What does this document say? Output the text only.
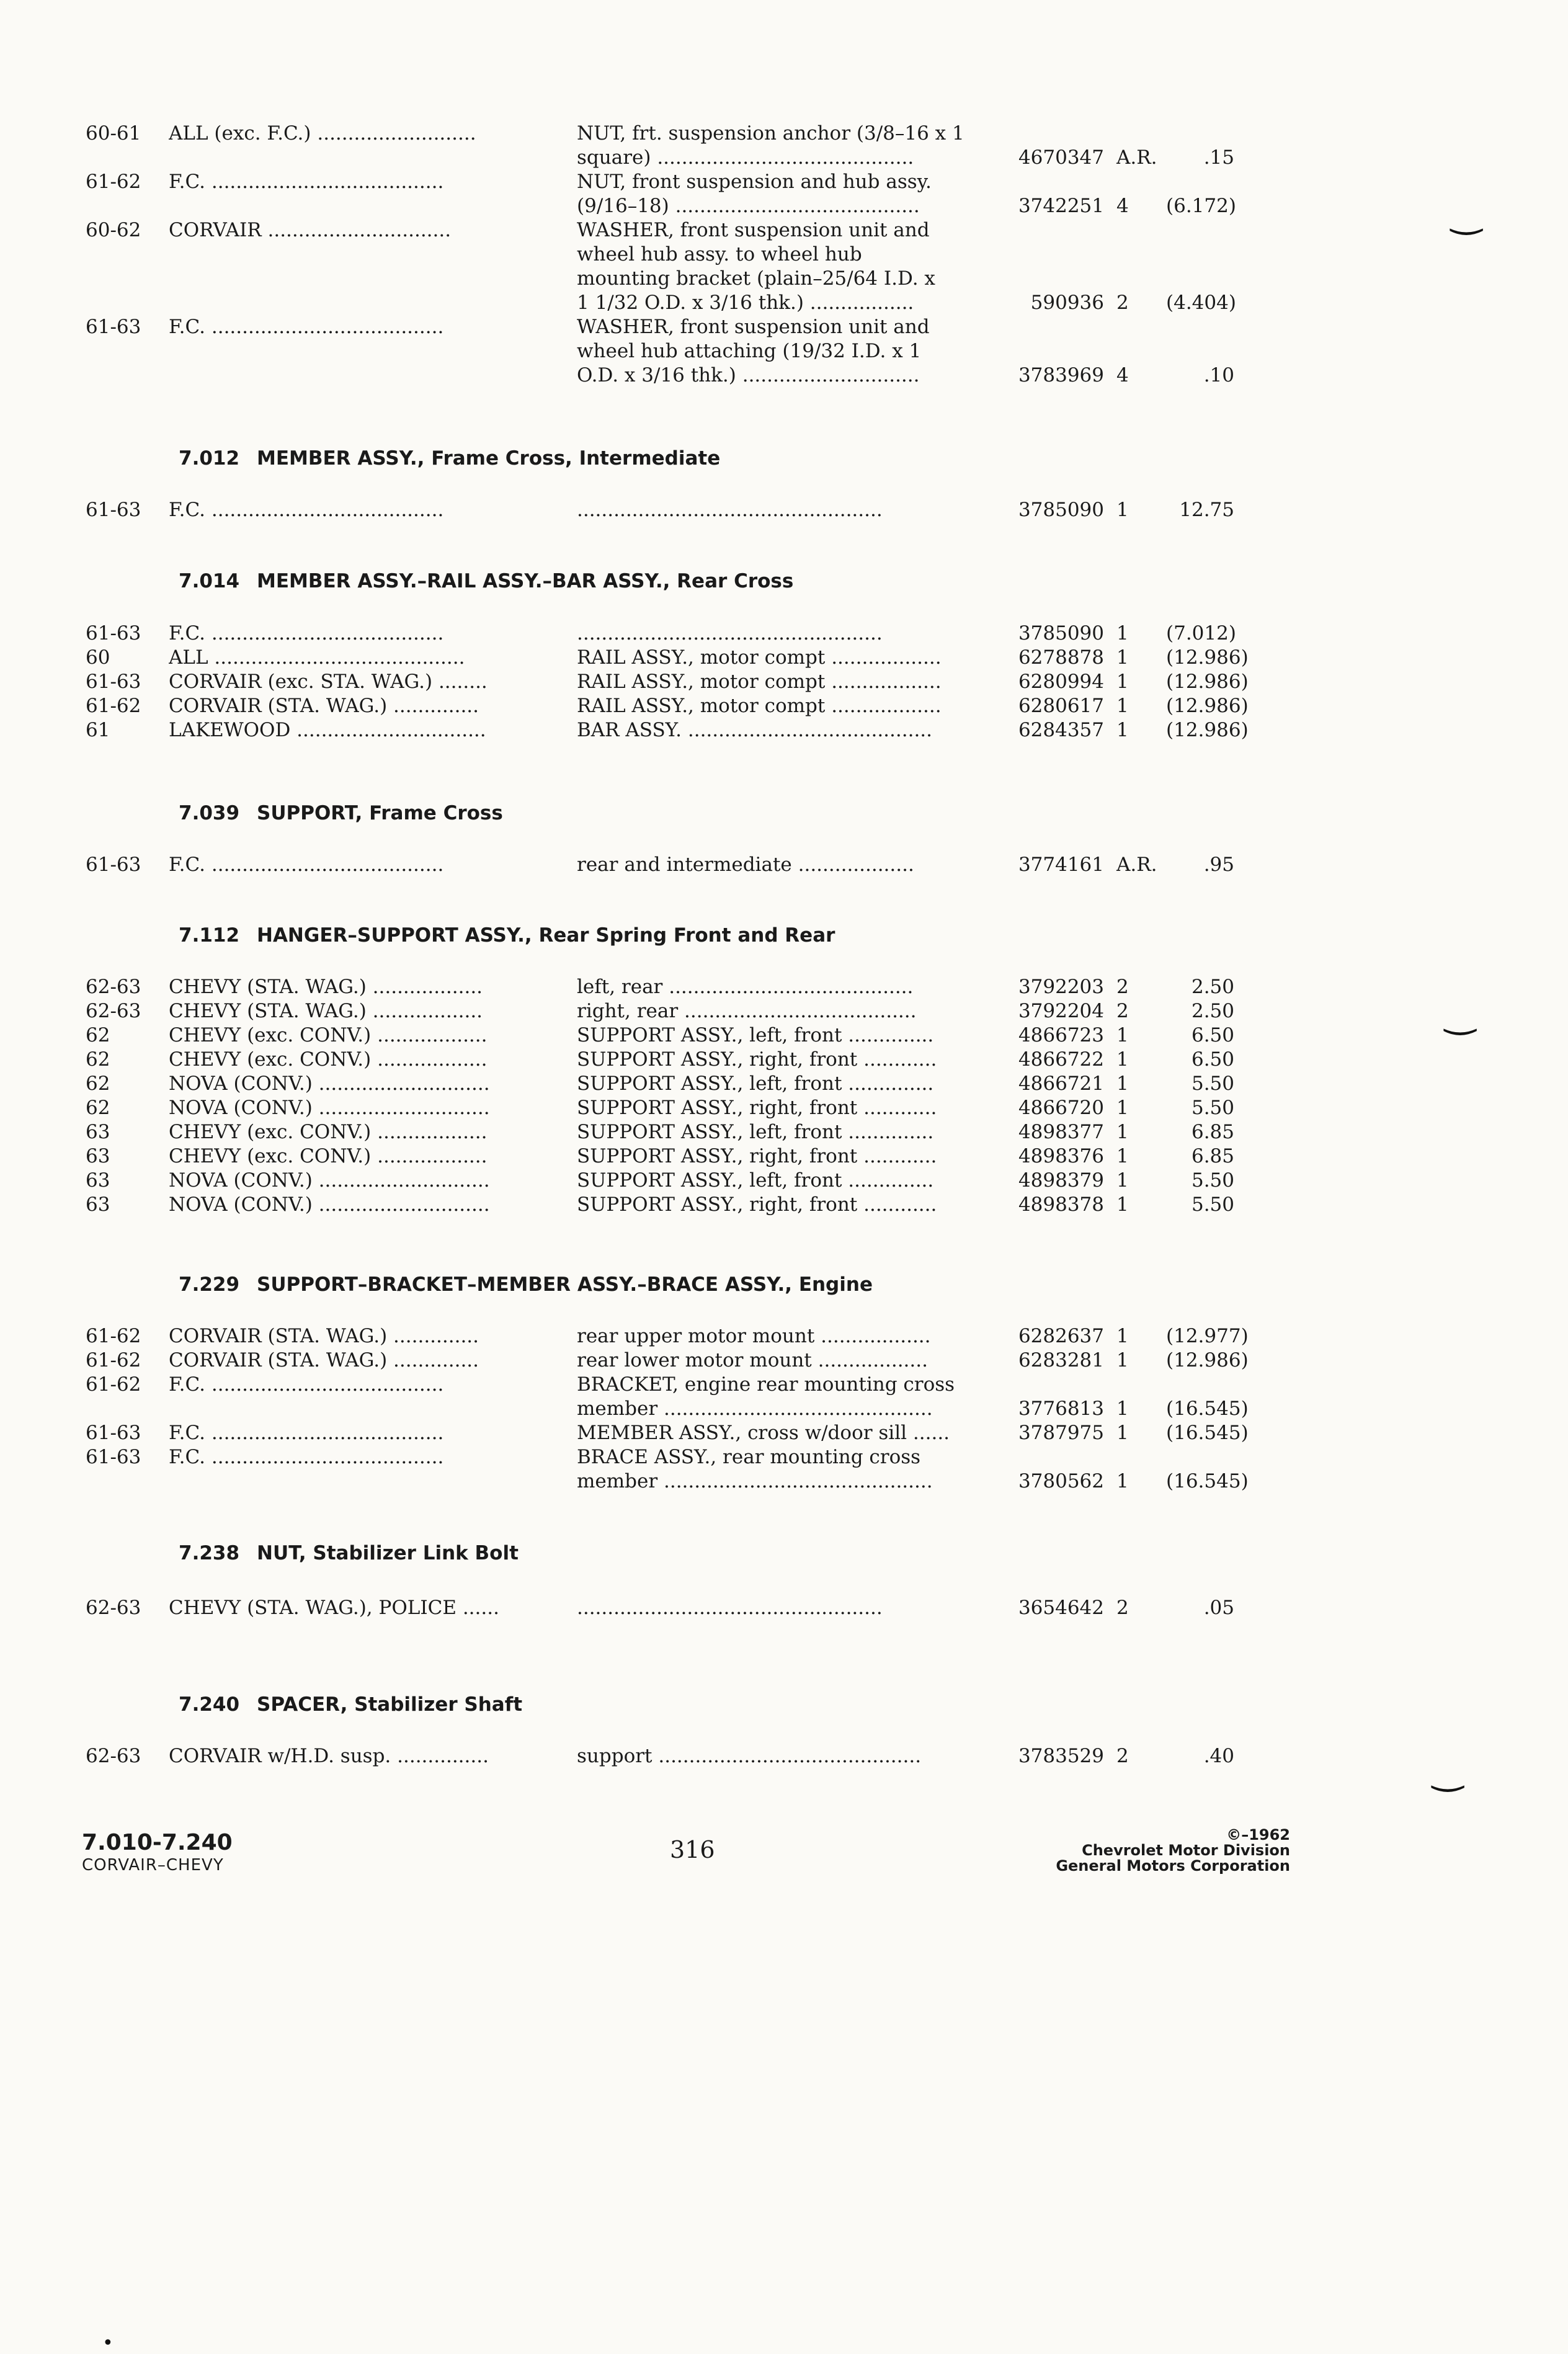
60-61 ALL (exc. F.C.) ..........................	NUT, frt. suspension anchor (3/8–16 x 1
square) ..........................................	4670347 A.R.	.15
61-62 F.C. ......................................	NUT, front suspension and hub assy.
(9/16–18) ........................................	3742251 4	(6.172)
60-62 CORVAIR ..............................	WASHER, front suspension unit and
wheel hub assy. to wheel hub
mounting bracket (plain–25/64 I.D. x
1 1/32 O.D. x 3/16 thk.) .................	590936 2	(4.404)
61-63 F.C. ......................................	WASHER, front suspension unit and
wheel hub attaching (19/32 I.D. x 1
O.D. x 3/16 thk.) .............................	3783969 4	.10
61-63 F.C. ......................................	..................................................	3785090 1	12.75
61-63 F.C. ......................................	..................................................	3785090 1	(7.012)
60	ALL .........................................	RAIL ASSY., motor compt ..................	6278878 1	(12.986)
61-63 CORVAIR (exc. STA. WAG.) ........	RAIL ASSY., motor compt ..................	6280994 1	(12.986)
61-62 CORVAIR (STA. WAG.) ..............	RAIL ASSY., motor compt ..................	6280617 1	(12.986)
61	LAKEWOOD ...............................	BAR ASSY. ........................................	6284357 1	(12.986)
61-63 F.C. ......................................	rear and intermediate ...................	3774161 A.R.	.95
62-63 CHEVY (STA. WAG.) ..................	left, rear ........................................	3792203 2	2.50
62-63 CHEVY (STA. WAG.) ..................	right, rear ......................................	3792204 2	2.50
62	CHEVY (exc. CONV.) ..................	SUPPORT ASSY., left, front ..............	4866723 1	6.50
62	CHEVY (exc. CONV.) ..................	SUPPORT ASSY., right, front ............	4866722 1	6.50
62	NOVA (CONV.) ............................	SUPPORT ASSY., left, front ..............	4866721 1	5.50
62	NOVA (CONV.) ............................	SUPPORT ASSY., right, front ............	4866720 1	5.50
63	CHEVY (exc. CONV.) ..................	SUPPORT ASSY., left, front ..............	4898377 1	6.85
63	CHEVY (exc. CONV.) ..................	SUPPORT ASSY., right, front ............	4898376 1	6.85
63	NOVA (CONV.) ............................	SUPPORT ASSY., left, front ..............	4898379 1	5.50
63	NOVA (CONV.) ............................	SUPPORT ASSY., right, front ............	4898378 1	5.50
61-62 CORVAIR (STA. WAG.) ..............	rear upper motor mount ..................	6282637 1	(12.977)
61-62 CORVAIR (STA. WAG.) ..............	rear lower motor mount ..................	6283281 1	(12.986)
61-62 F.C. ......................................	BRACKET, engine rear mounting cross
member ............................................	3776813 1	(16.545)
61-63 F.C. ......................................	MEMBER ASSY., cross w/door sill ......	3787975 1	(16.545)
61-63 F.C. ......................................	BRACE ASSY., rear mounting cross
member ............................................	3780562 1	(16.545)
62-63 CHEVY (STA. WAG.), POLICE ......	..................................................	3654642 2	.05
62-63 CORVAIR w/H.D. susp. ...............	support ...........................................	3783529 2	.40
7.012 MEMBER ASSY., Frame Cross, Intermediate
7.014 MEMBER ASSY.–RAIL ASSY.–BAR ASSY., Rear Cross
7.039 SUPPORT, Frame Cross
7.112 HANGER–SUPPORT ASSY., Rear Spring Front and Rear
7.229 SUPPORT–BRACKET–MEMBER ASSY.–BRACE ASSY., Engine
7.238 NUT, Stabilizer Link Bolt
7.240 SPACER, Stabilizer Shaft
7.010-7.240
CORVAIR–CHEVY
316
©–1962
Chevrolet Motor Division
General Motors Corporation
‿
‿
‿
•
